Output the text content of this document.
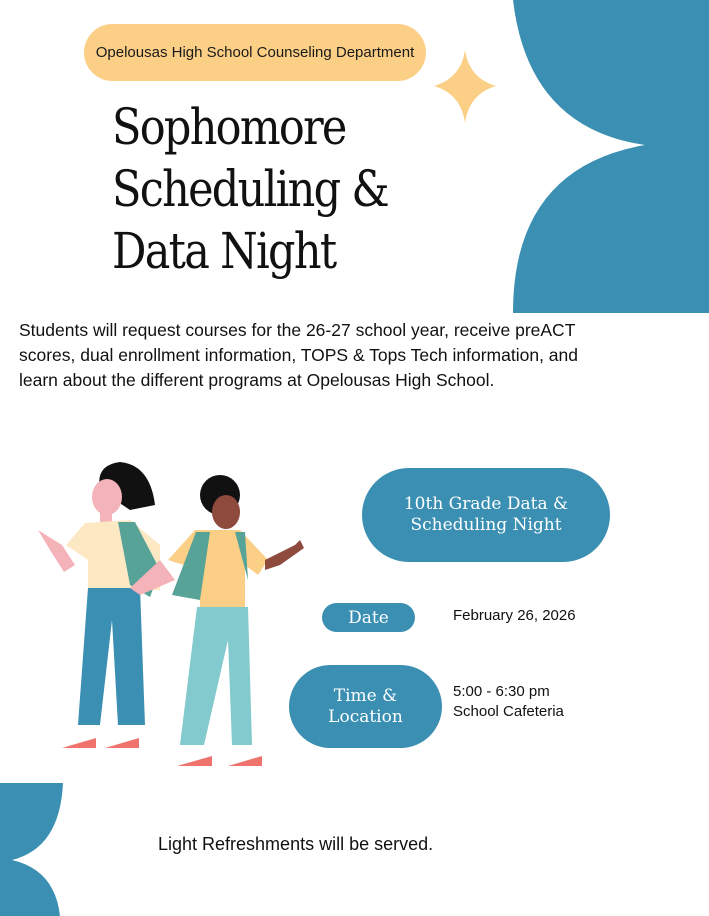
Opelousas High School Counseling Department
Sophomore
Scheduling &
Data Night
Students will request courses for the 26-27 school year, receive preACT scores, dual enrollment information, TOPS & Tops Tech information, and learn about the different programs at Opelousas High School.
10th Grade Data &
Scheduling Night
Date	February 26, 2026
Time &
Location
5:00 - 6:30 pm
School Cafeteria
Light Refreshments will be served.
